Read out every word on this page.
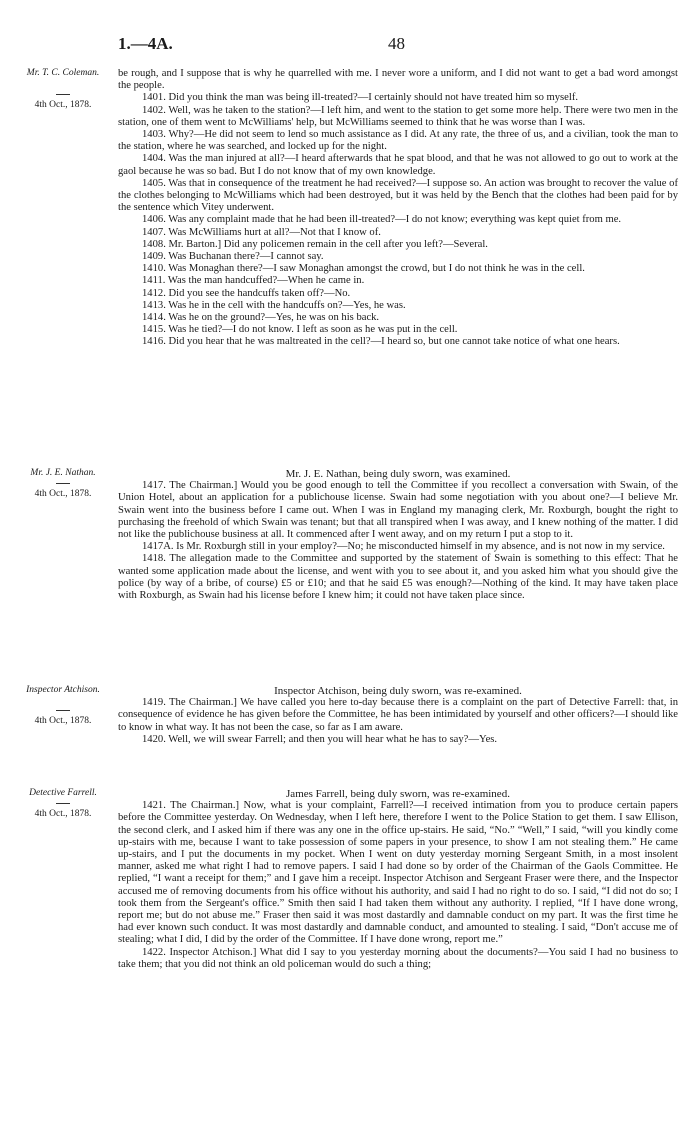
1.—4A.	48
Mr. T. C. Coleman.
4th Oct., 1878.

be rough, and I suppose that is why he quarrelled with me. I never wore a uniform, and I did not want to get a bad word amongst the people.

1401. Did you think the man was being ill-treated?—I certainly should not have treated him so myself.

1402. Well, was he taken to the station?—I left him, and went to the station to get some more help. There were two men in the station, one of them went to McWilliams' help, but McWilliams seemed to think that he was worse than I was.

1403. Why?—He did not seem to lend so much assistance as I did. At any rate, the three of us, and a civilian, took the man to the station, where he was searched, and locked up for the night.

1404. Was the man injured at all?—I heard afterwards that he spat blood, and that he was not allowed to go out to work at the gaol because he was so bad. But I do not know that of my own knowledge.

1405. Was that in consequence of the treatment he had received?—I suppose so. An action was brought to recover the value of the clothes belonging to McWilliams which had been destroyed, but it was held by the Bench that the clothes had been paid for by the sentence which Vitey underwent.

1406. Was any complaint made that he had been ill-treated?—I do not know; everything was kept quiet from me.

1407. Was McWilliams hurt at all?—Not that I know of.

1408. Mr. Barton.] Did any policemen remain in the cell after you left?—Several.

1409. Was Buchanan there?—I cannot say.

1410. Was Monaghan there?—I saw Monaghan amongst the crowd, but I do not think he was in the cell.

1411. Was the man handcuffed?—When he came in.

1412. Did you see the handcuffs taken off?—No.

1413. Was he in the cell with the handcuffs on?—Yes, he was.

1414. Was he on the ground?—Yes, he was on his back.

1415. Was he tied?—I do not know. I left as soon as he was put in the cell.

1416. Did you hear that he was maltreated in the cell?—I heard so, but one cannot take notice of what one hears.

Mr. J. E. Nathan.
4th Oct., 1878.

Mr. J. E. Nathan, being duly sworn, was examined.

1417. The Chairman.] Would you be good enough to tell the Committee if you recollect a conversation with Swain, of the Union Hotel, about an application for a publichouse license. Swain had some negotiation with you about one?—I believe Mr. Swain went into the business before I came out. When I was in England my managing clerk, Mr. Roxburgh, bought the right to purchasing the freehold of which Swain was tenant; but that all transpired when I was away, and I knew nothing of the matter. I did not like the publichouse business at all. It commenced after I went away, and on my return I put a stop to it.

1417A. Is Mr. Roxburgh still in your employ?—No; he misconducted himself in my absence, and is not now in my service.

1418. The allegation made to the Committee and supported by the statement of Swain is something to this effect: That he wanted some application made about the license, and went with you to see about it, and you asked him what you should give the police (by way of a bribe, of course) £5 or £10; and that he said £5 was enough?—Nothing of the kind. It may have taken place with Roxburgh, as Swain had his license before I knew him; it could not have taken place since.

Inspector Atchison.
4th Oct., 1878.

Inspector Atchison, being duly sworn, was re-examined.

1419. The Chairman.] We have called you here to-day because there is a complaint on the part of Detective Farrell: that, in consequence of evidence he has given before the Committee, he has been intimidated by yourself and other officers?—I should like to know in what way. It has not been the case, so far as I am aware.

1420. Well, we will swear Farrell; and then you will hear what he has to say?—Yes.

Detective Farrell.
4th Oct., 1878.

James Farrell, being duly sworn, was re-examined.

1421. The Chairman.] Now, what is your complaint, Farrell?—I received intimation from you to produce certain papers before the Committee yesterday. On Wednesday, when I left here, therefore I went to the Police Station to get them. I saw Ellison, the second clerk, and I asked him if there was any one in the office up-stairs. He said, “No.” “Well,” I said, “will you kindly come up-stairs with me, because I want to take possession of some papers in your presence, to show I am not stealing them.” He came up-stairs, and I put the documents in my pocket. When I went on duty yesterday morning Sergeant Smith, in a most insolent manner, asked me what right I had to remove papers. I said I had done so by order of the Chairman of the Gaols Committee. He replied, “I want a receipt for them;” and I gave him a receipt. Inspector Atchison and Sergeant Fraser were there, and the Inspector accused me of removing documents from his office without his authority, and said I had no right to do so. I said, “I did not do so; I took them from the Sergeant's office.” Smith then said I had taken them without any authority. I replied, “If I have done wrong, report me; but do not abuse me.” Fraser then said it was most dastardly and damnable conduct on my part. It was the first time he had ever known such conduct. It was most dastardly and damnable conduct, and amounted to stealing. I said, “Don't accuse me of stealing; what I did, I did by the order of the Committee. If I have done wrong, report me.”

1422. Inspector Atchison.] What did I say to you yesterday morning about the documents?—You said I had no business to take them; that you did not think an old policeman would do such a thing;
